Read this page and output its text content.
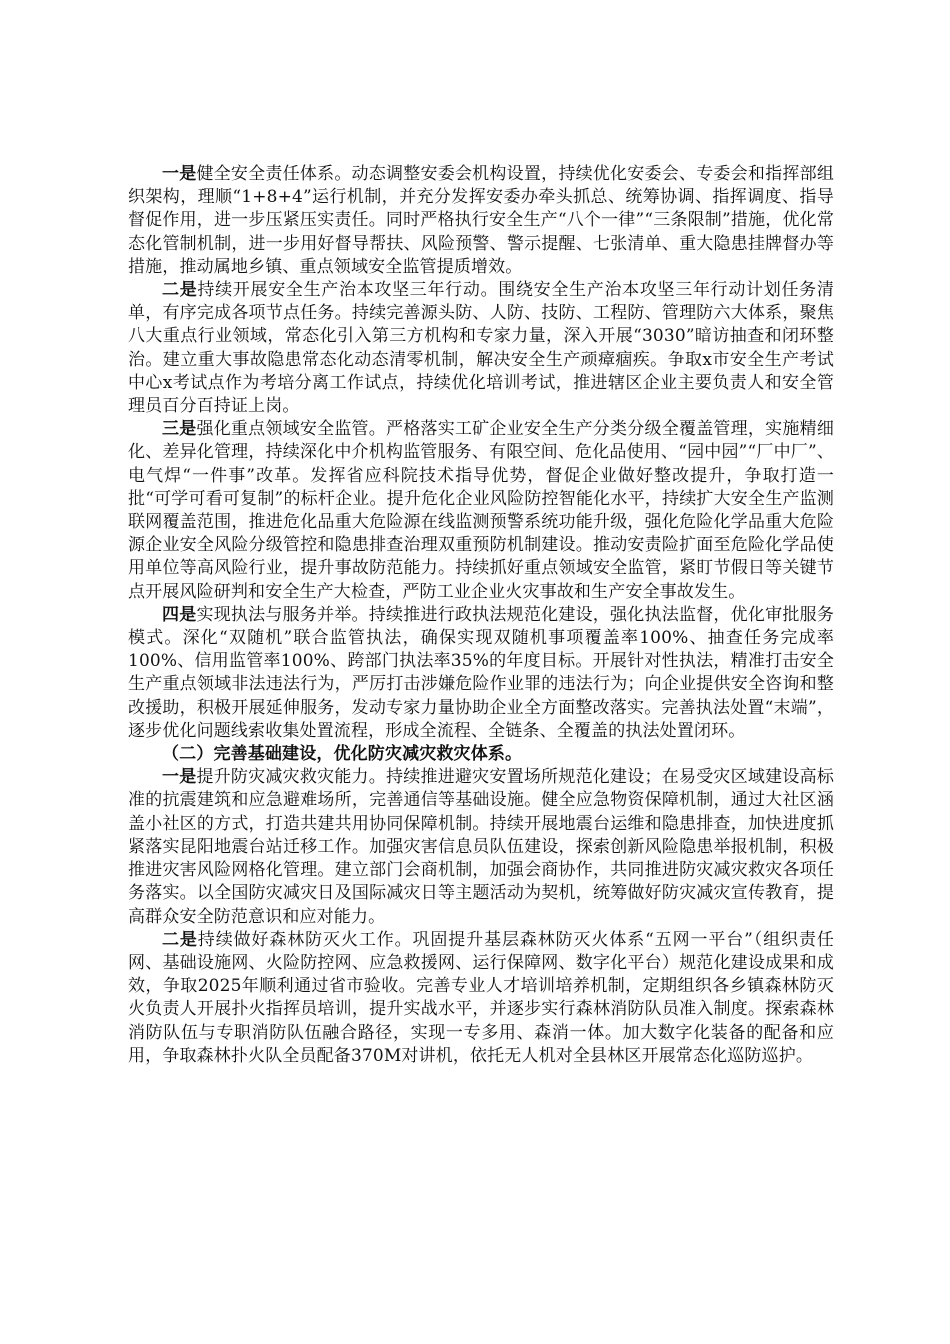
一是健全安全责任体系。动态调整安委会机构设置，持续优化安委会、专委会和指挥部组织架构，理顺“1+8+4”运行机制，并充分发挥安委办牵头抓总、统筹协调、指挥调度、指导督促作用，进一步压紧压实责任。同时严格执行安全生产“八个一律”“三条限制”措施，优化常态化管制机制，进一步用好督导帮扶、风险预警、警示提醒、七张清单、重大隐患挂牌督办等措施，推动属地乡镇、重点领域安全监管提质增效。

二是持续开展安全生产治本攻坚三年行动。围绕安全生产治本攻坚三年行动计划任务清单，有序完成各项节点任务。持续完善源头防、人防、技防、工程防、管理防六大体系，聚焦八大重点行业领域，常态化引入第三方机构和专家力量，深入开展“3030”暗访抽查和闭环整治。建立重大事故隐患常态化动态清零机制，解决安全生产顽瘴痼疾。争取x市安全生产考试中心x考试点作为考培分离工作试点，持续优化培训考试，推进辖区企业主要负责人和安全管理员百分百持证上岗。

三是强化重点领域安全监管。严格落实工矿企业安全生产分类分级全覆盖管理，实施精细化、差异化管理，持续深化中介机构监管服务、有限空间、危化品使用、“园中园”“厂中厂”、电气焊“一件事”改革。发挥省应科院技术指导优势，督促企业做好整改提升，争取打造一批“可学可看可复制”的标杆企业。提升危化企业风险防控智能化水平，持续扩大安全生产监测联网覆盖范围，推进危化品重大危险源在线监测预警系统功能升级，强化危险化学品重大危险源企业安全风险分级管控和隐患排查治理双重预防机制建设。推动安责险扩面至危险化学品使用单位等高风险行业，提升事故防范能力。持续抓好重点领域安全监管，紧盯节假日等关键节点开展风险研判和安全生产大检查，严防工业企业火灾事故和生产安全事故发生。

四是实现执法与服务并举。持续推进行政执法规范化建设，强化执法监督，优化审批服务模式。深化“双随机”联合监管执法，确保实现双随机事项覆盖率100%、抽查任务完成率100%、信用监管率100%、跨部门执法率35%的年度目标。开展针对性执法，精准打击安全生产重点领域非法违法行为，严厉打击涉嫌危险作业罪的违法行为；向企业提供安全咨询和整改援助，积极开展延伸服务，发动专家力量协助企业全方面整改落实。完善执法处置“末端”，逐步优化问题线索收集处置流程，形成全流程、全链条、全覆盖的执法处置闭环。

（二）完善基础建设，优化防灾减灾救灾体系。

一是提升防灾减灾救灾能力。持续推进避灾安置场所规范化建设；在易受灾区域建设高标准的抗震建筑和应急避难场所，完善通信等基础设施。健全应急物资保障机制，通过大社区涵盖小社区的方式，打造共建共用协同保障机制。持续开展地震台运维和隐患排查，加快进度抓紧落实昆阳地震台站迁移工作。加强灾害信息员队伍建设，探索创新风险隐患举报机制，积极推进灾害风险网格化管理。建立部门会商机制，加强会商协作，共同推进防灾减灾救灾各项任务落实。以全国防灾减灾日及国际减灾日等主题活动为契机，统筹做好防灾减灾宣传教育，提高群众安全防范意识和应对能力。

二是持续做好森林防灭火工作。巩固提升基层森林防灭火体系“五网一平台”（组织责任网、基础设施网、火险防控网、应急救援网、运行保障网、数字化平台）规范化建设成果和成效，争取2025年顺利通过省市验收。完善专业人才培训培养机制，定期组织各乡镇森林防灭火负责人开展扑火指挥员培训，提升实战水平，并逐步实行森林消防队员准入制度。探索森林消防队伍与专职消防队伍融合路径，实现一专多用、森消一体。加大数字化装备的配备和应用，争取森林扑火队全员配备370M对讲机，依托无人机对全县林区开展常态化巡防巡护。
